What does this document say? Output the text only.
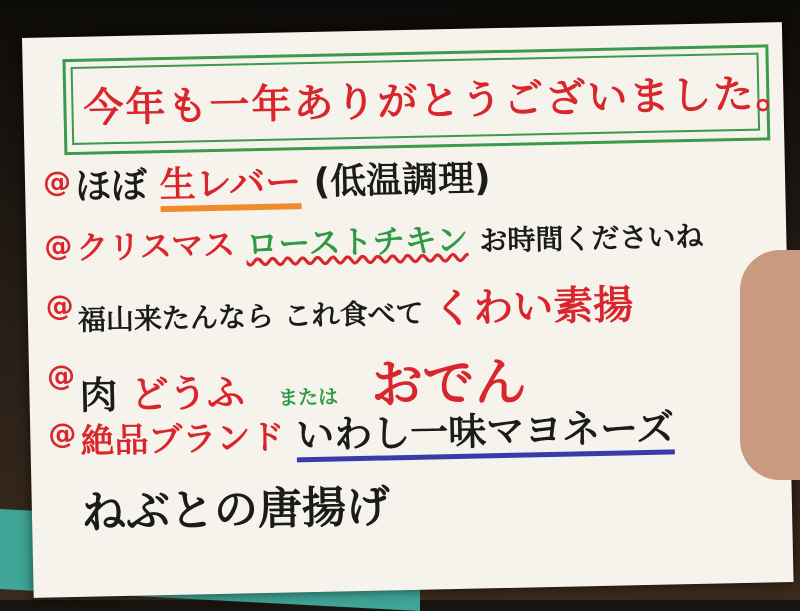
今年も一年ありがとうございました。
@ ほぼ 生レバー (低温調理)
@ クリスマス ローストチキン お時間くださいね
@ 福山来たんなら これ食べて くわい素揚
@ 肉 どうふ または おでん
@ 絶品ブランド いわし一味マヨネーズ
ねぶとの唐揚げ
